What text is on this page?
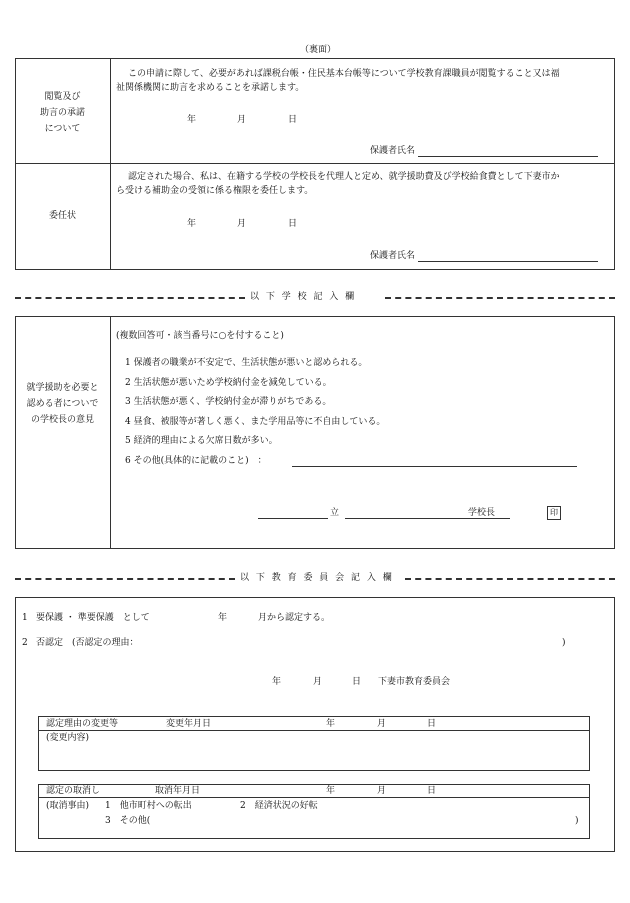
（裏面）
閲覧及び
助言の承諾
について
この申請に際して、必要があれば課税台帳・住民基本台帳等について学校教育課職員が閲覧すること又は福
祉関係機関に助言を求めることを承諾します。
年	月	日
保護者氏名
委任状
認定された場合、私は、在籍する学校の学校長を代理人と定め、就学援助費及び学校給食費として下妻市か
ら受ける補助金の受領に係る権限を委任します。
年	月	日
保護者氏名
以 下 学 校 記 入 欄
就学援助を必要と
認める者についで
の学校長の意見
(複数回答可・該当番号に○を付すること)
1 保護者の職業が不安定で、生活状態が悪いと認められる。
2 生活状態が悪いため学校納付金を減免している。
3 生活状態が悪く、学校納付金が滞りがちである。
4 昼食、被服等が著しく悪く、また学用品等に不自由している。
5 経済的理由による欠席日数が多い。
6 その他(具体的に記載のこと)　：
立	学校長	印
以 下 教 育 委 員 会 記 入 欄
1 要保護 ・ 準要保護　として	年	月から認定する。
2 否認定　(否認定の理由：	)
年	月	日 下妻市教育委員会
認定理由の変更等	変更年月日	年	月	日
(変更内容)
認定の取消し	取消年月日	年	月	日
(取消事由) 1　他市町村への転出	2　経済状況の好転
3　その他(	)
